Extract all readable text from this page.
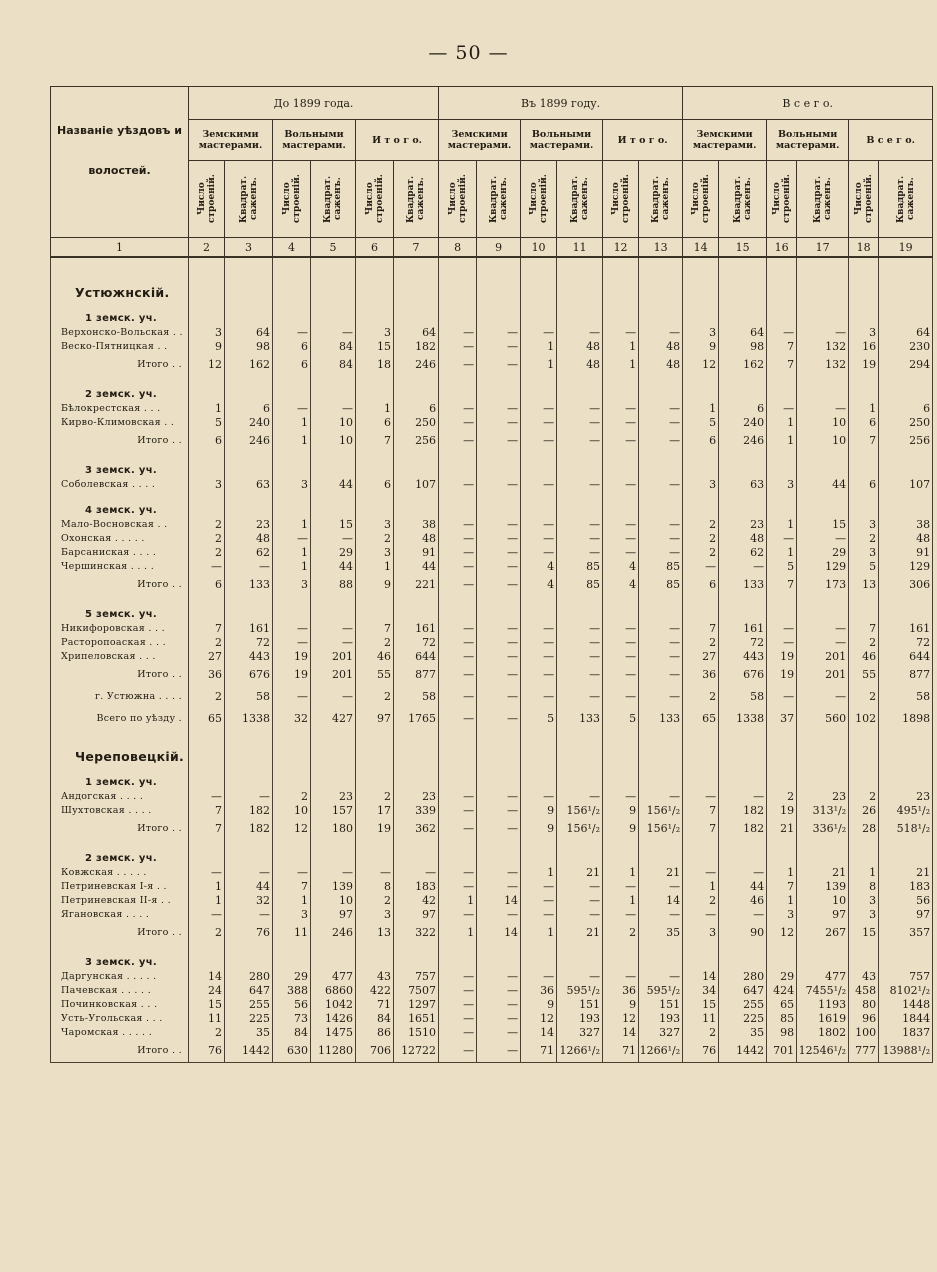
— 50 —
Названіе уѣздовъ и волостей.	До 1899 года.						Въ 1899 году.						В с е г о.					
	Земскими мастерами.		Вольными мастерами.		И т о г о.		Земскими мастерами.		Вольными мастерами.		И т о г о.		Земскими мастерами.		Вольными мастерами.		В с е г о.	

	Число строеній.	Квадрат. саженъ.	Число строеній.	Квадрат. саженъ.	Число строеній.	Квадрат. саженъ.	Число строеній.	Квадрат. саженъ.	Число строеній.	Квадрат. саженъ.	Число строеній.	Квадрат. саженъ.	Число строеній.	Квадрат. саженъ.	Число строеній.	Квадрат. саженъ.	Число строеній.	Квадрат. саженъ.

1	2	3	4	5	6	7	8	9	10	11	12	13	14	15	16	17	18	19

Устюжнскій.																		
1 земск. уч.																		
Верхонско-Вольская . .	3	64	—	—	3	64	—	—	—	—	—	—	3	64	—	—	3	64
Веско-Пятницкая . .	9	98	6	84	15	182	—	—	1	48	1	48	9	98	7	132	16	230
Итого . .	12	162	6	84	18	246	—	—	1	48	1	48	12	162	7	132	19	294
2 земск. уч.																		
Бѣлокрестская . . .	1	6	—	—	1	6	—	—	—	—	—	—	1	6	—	—	1	6
Кирво-Климовская . .	5	240	1	10	6	250	—	—	—	—	—	—	5	240	1	10	6	250
Итого . .	6	246	1	10	7	256	—	—	—	—	—	—	6	246	1	10	7	256
3 земск. уч.																		
Соболевская . . . .	3	63	3	44	6	107	—	—	—	—	—	—	3	63	3	44	6	107
4 земск. уч.																		
Мало-Восновская . .	2	23	1	15	3	38	—	—	—	—	—	—	2	23	1	15	3	38
Охонская . . . . .	2	48	—	—	2	48	—	—	—	—	—	—	2	48	—	—	2	48
Барсаниская . . . .	2	62	1	29	3	91	—	—	—	—	—	—	2	62	1	29	3	91
Чершинская . . . .	—	—	1	44	1	44	—	—	4	85	4	85	—	—	5	129	5	129
Итого . .	6	133	3	88	9	221	—	—	4	85	4	85	6	133	7	173	13	306
5 земск. уч.																		
Никифоровская . . .	7	161	—	—	7	161	—	—	—	—	—	—	7	161	—	—	7	161
Расторопоаская . . .	2	72	—	—	2	72	—	—	—	—	—	—	2	72	—	—	2	72
Хрипеловская . . .	27	443	19	201	46	644	—	—	—	—	—	—	27	443	19	201	46	644
Итого . .	36	676	19	201	55	877	—	—	—	—	—	—	36	676	19	201	55	877
г. Устюжна . . . .	2	58	—	—	2	58	—	—	—	—	—	—	2	58	—	—	2	58
Всего по уѣзду .	65	1338	32	427	97	1765	—	—	5	133	5	133	65	1338	37	560	102	1898
Череповецкій.																		
1 земск. уч.																		
Андогская . . . .	—	—	2	23	2	23	—	—	—	—	—	—	—	—	2	23	2	23
Шухтовская . . . .	7	182	10	157	17	339	—	—	9	156¹/₂	9	156¹/₂	7	182	19	313¹/₂	26	495¹/₂
Итого . .	7	182	12	180	19	362	—	—	9	156¹/₂	9	156¹/₂	7	182	21	336¹/₂	28	518¹/₂
2 земск. уч.																		
Ковжская . . . . .	—	—	—	—	—	—	—	—	1	21	1	21	—	—	1	21	1	21
Петриневская I-я . .	1	44	7	139	8	183	—	—	—	—	—	—	1	44	7	139	8	183
Петриневская II-я . .	1	32	1	10	2	42	1	14	—	—	1	14	2	46	1	10	3	56
Ягановская . . . .	—	—	3	97	3	97	—	—	—	—	—	—	—	—	3	97	3	97
Итого . .	2	76	11	246	13	322	1	14	1	21	2	35	3	90	12	267	15	357
3 земск. уч.																		
Даргунская . . . . .	14	280	29	477	43	757	—	—	—	—	—	—	14	280	29	477	43	757
Пачевская . . . . .	24	647	388	6860	422	7507	—	—	36	595¹/₂	36	595¹/₂	34	647	424	7455¹/₂	458	8102¹/₂
Починковская . . .	15	255	56	1042	71	1297	—	—	9	151	9	151	15	255	65	1193	80	1448
Усть-Угольская . . .	11	225	73	1426	84	1651	—	—	12	193	12	193	11	225	85	1619	96	1844
Чаромская . . . . .	2	35	84	1475	86	1510	—	—	14	327	14	327	2	35	98	1802	100	1837
Итого . .	76	1442	630	11280	706	12722	—	—	71	1266¹/₂	71	1266¹/₂	76	1442	701	12546¹/₂	777	13988¹/₂
